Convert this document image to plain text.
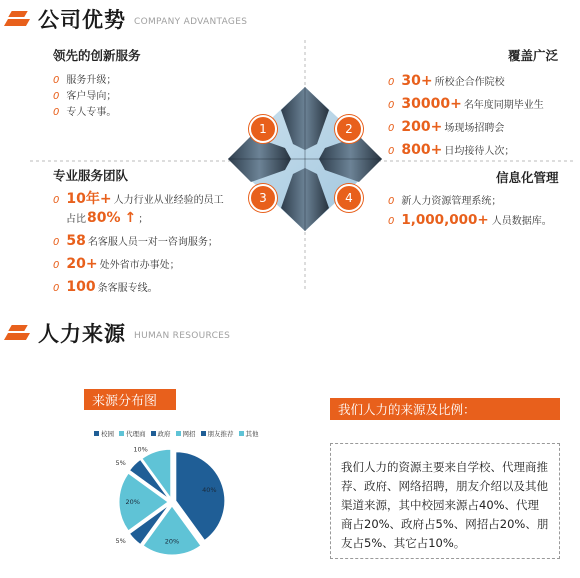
公司优势 COMPANY ADVANTAGES
1	2
3	4
领先的创新服务
0 服务升级；
0 客户导向；
0 专人专事。
覆盖广泛
0 30+ 所校企合作院校
0 30000+ 名年度同期毕业生
0 200+ 场现场招聘会
0 800+ 日均接待人次；
专业服务团队
0 10年+ 人力行业从业经验的员工
占比 80% ↑ ；
0 58 名客服人员一对一咨询服务；
0 20+ 处外省市办事处；
0 100 条客服专线。
信息化管理
0 新人力资源管理系统；
0 1,000,000+ 人员数据库。
人力来源 HUMAN RESOURCES
来源分布图
我们人力的来源及比例：
校园 代理商 政府 网招 朋友推荐 其他
40%
20%
5%
20%
5%
10%
我们人力的资源主要来自学校、代理商推荐、政府、网络招聘，朋友介绍以及其他渠道来源，其中校园来源占40%、代理商占20%、政府占5%、网招占20%、朋友占5%、其它占10%。
